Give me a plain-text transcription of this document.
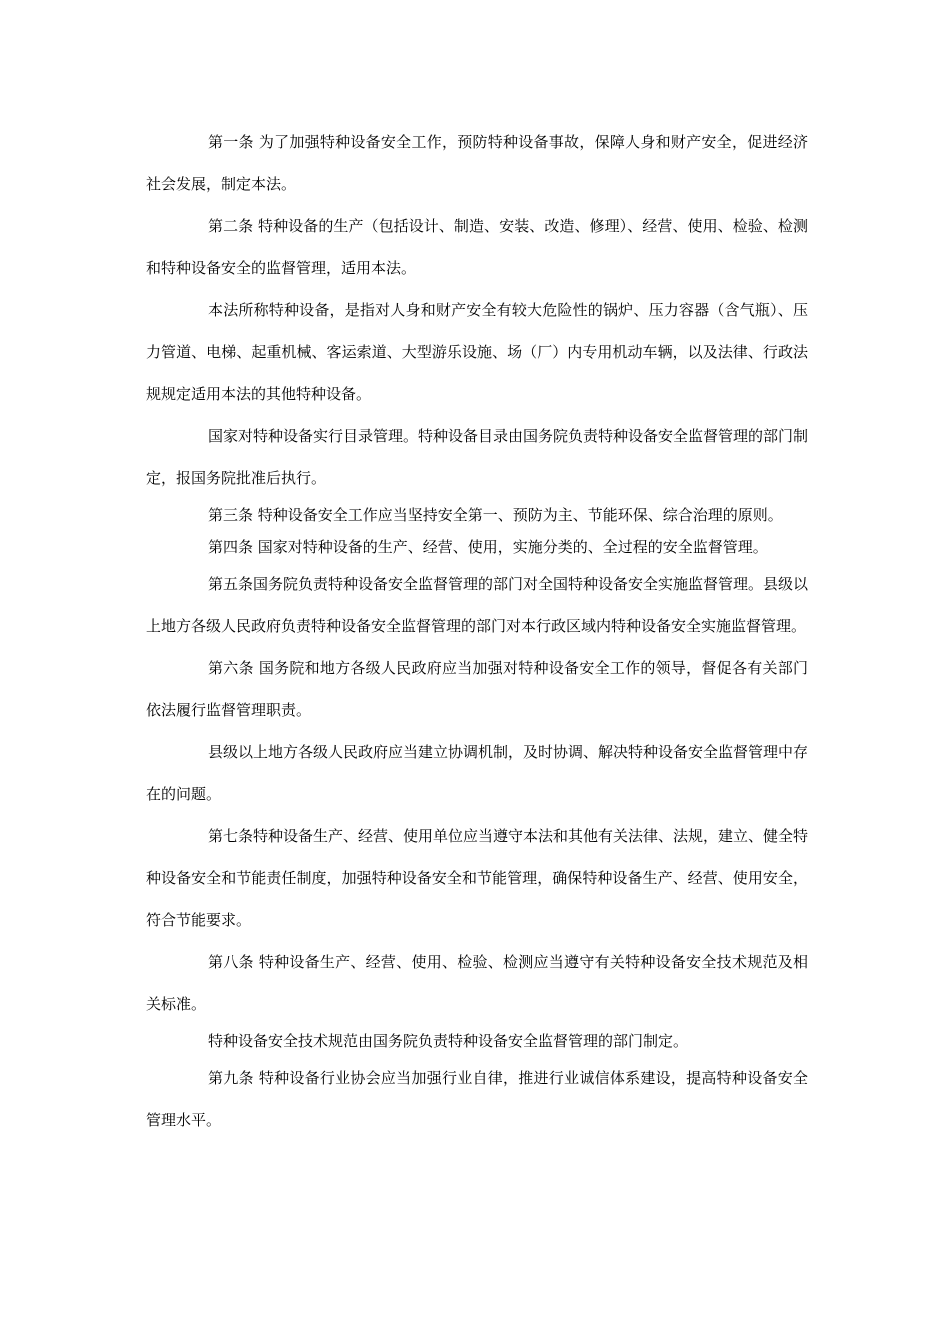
第一条 为了加强特种设备安全工作，预防特种设备事故，保障人身和财产安全，促进经济社会发展，制定本法。

第二条 特种设备的生产（包括设计、制造、安装、改造、修理）、经营、使用、检验、检测和特种设备安全的监督管理，适用本法。

本法所称特种设备，是指对人身和财产安全有较大危险性的锅炉、压力容器（含气瓶）、压力管道、电梯、起重机械、客运索道、大型游乐设施、场（厂）内专用机动车辆，以及法律、行政法规规定适用本法的其他特种设备。

国家对特种设备实行目录管理。特种设备目录由国务院负责特种设备安全监督管理的部门制定，报国务院批准后执行。

第三条 特种设备安全工作应当坚持安全第一、预防为主、节能环保、综合治理的原则。

第四条 国家对特种设备的生产、经营、使用，实施分类的、全过程的安全监督管理。

第五条国务院负责特种设备安全监督管理的部门对全国特种设备安全实施监督管理。县级以上地方各级人民政府负责特种设备安全监督管理的部门对本行政区域内特种设备安全实施监督管理。

第六条 国务院和地方各级人民政府应当加强对特种设备安全工作的领导，督促各有关部门依法履行监督管理职责。

县级以上地方各级人民政府应当建立协调机制，及时协调、解决特种设备安全监督管理中存在的问题。

第七条特种设备生产、经营、使用单位应当遵守本法和其他有关法律、法规，建立、健全特种设备安全和节能责任制度，加强特种设备安全和节能管理，确保特种设备生产、经营、使用安全，符合节能要求。

第八条 特种设备生产、经营、使用、检验、检测应当遵守有关特种设备安全技术规范及相关标准。

特种设备安全技术规范由国务院负责特种设备安全监督管理的部门制定。

第九条 特种设备行业协会应当加强行业自律，推进行业诚信体系建设，提高特种设备安全管理水平。
